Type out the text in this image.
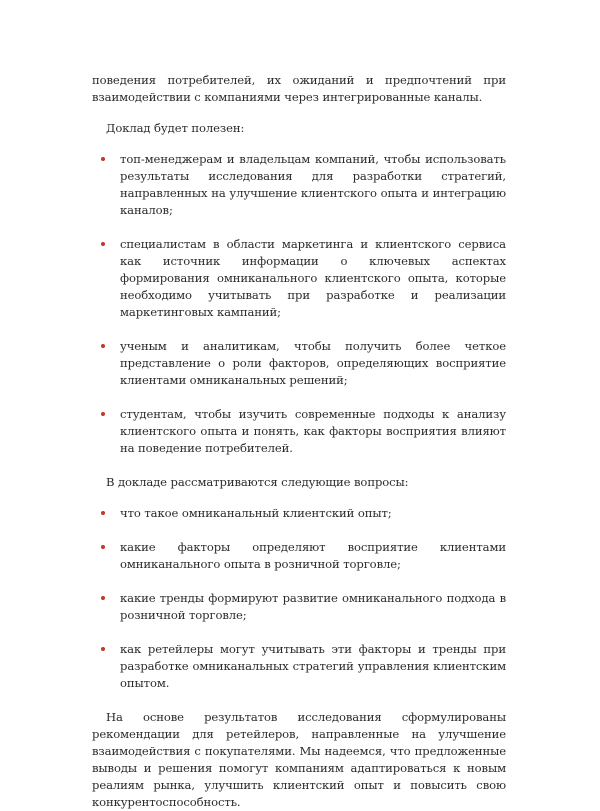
поведения потребителей, их ожиданий и предпочтений при взаимодействии с компаниями через интегрированные каналы.

Доклад будет полезен:

топ-менеджерам и владельцам компаний, чтобы использовать результаты исследования для разработки стратегий, направленных на улучшение клиентского опыта и интеграцию каналов;
специалистам в области маркетинга и клиентского сервиса как источник информации о ключевых аспектах формирования омниканального клиентского опыта, которые необходимо учитывать при разработке и реализации маркетинговых кампаний;
ученым и аналитикам, чтобы получить более четкое представление о роли факторов, определяющих восприятие клиентами омниканальных решений;
студентам, чтобы изучить современные подходы к анализу клиентского опыта и понять, как факторы восприятия влияют на поведение потребителей.

В докладе рассматриваются следующие вопросы:

что такое омниканальный клиентский опыт;
какие факторы определяют восприятие клиентами омниканального опыта в розничной торговле;
какие тренды формируют развитие омниканального подхода в розничной торговле;
как ретейлеры могут учитывать эти факторы и тренды при разработке омниканальных стратегий управления клиентским опытом.

На основе результатов исследования сформулированы рекомендации для ретейлеров, направленные на улучшение взаимодействия с покупателями. Мы надеемся, что предложенные выводы и решения помогут компаниям адаптироваться к новым реалиям рынка, улучшить клиентский опыт и повысить свою конкурентоспособность.
